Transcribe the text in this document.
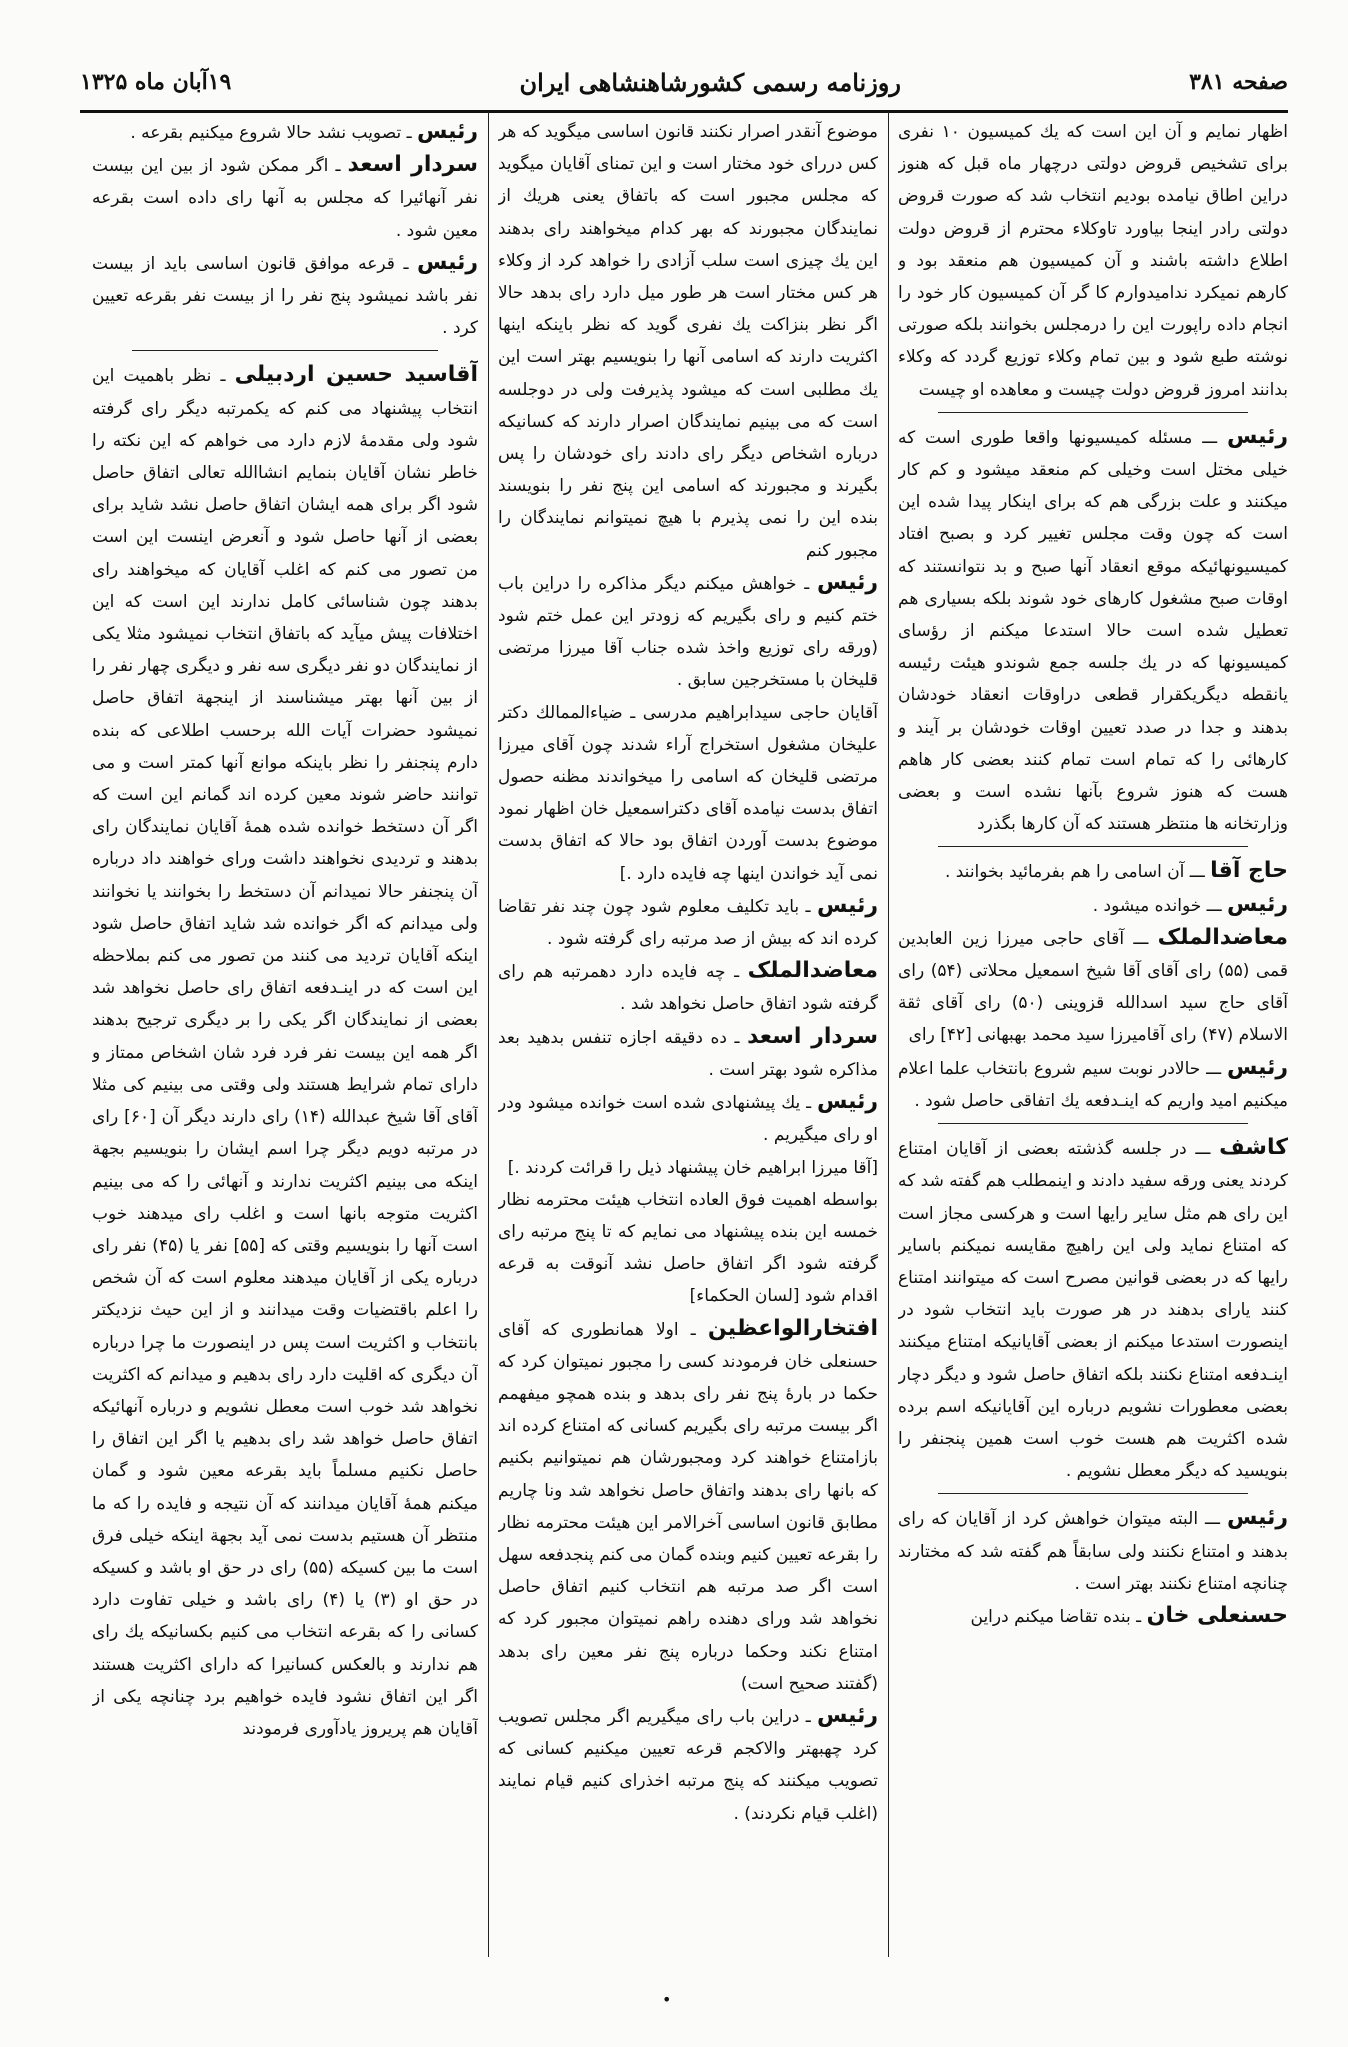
صفحه ۳۸۱
روزنامه رسمی کشورشاهنشاهی ایران
۱۹آبان ماه ۱۳۲۵

اظهار نمایم و آن این است که یك کمیسیون ۱۰ نفری برای تشخیص قروض دولتی درچهار ماه قبل که هنوز دراین اطاق نیامده بودیم انتخاب شد که صورت قروض دولتی رادر اینجا بیاورد تاوکلاء محترم از قروض دولت اطلاع داشته باشند و آن کمیسیون هم منعقد بود و کارهم نمیکرد ندامیدوارم کا گر آن کمیسیون کار خود را انجام داده راپورت این را درمجلس بخوانند بلکه صورتی نوشته طبع شود و بین تمام وکلاء توزیع گردد که وکلاء بدانند امروز قروض دولت چیست و معاهده او چیست

رئیس ـــ مسئله کمیسیونها واقعا طوری است که خیلی مختل است وخیلی کم منعقد میشود و کم کار میکنند و علت بزرگی هم که برای اینکار پیدا شده این است که چون وقت مجلس تغییر کرد و بصبح افتاد کمیسیونهائیکه موقع انعقاد آنها صبح و بد نتوانستند که اوقات صبح مشغول کارهای خود شوند بلکه بسیاری هم تعطیل شده است حالا استدعا میکنم از رؤسای کمیسیونها که در یك جلسه جمع شوندو هیئت رئیسه یانقطه دیگریکقرار قطعی دراوقات انعقاد خودشان بدهند و جدا در صدد تعیین اوقات خودشان بر آیند و کارهائی را که تمام است تمام کنند بعضی کار هاهم هست که هنوز شروع بآنها نشده است و بعضی وزارتخانه ها منتظر هستند که آن کارها بگذرد

حاج آقا ـــ آن اسامی را هم بفرمائید بخوانند .

رئیس ـــ خوانده میشود .

معاضدالملک ـــ آقای حاجی میرزا زین العابدین قمی (۵۵) رای آقای آقا شیخ اسمعیل محلاتی (۵۴) رای آقای حاج سید اسدالله قزوینی (۵۰) رای آقای ثقة الاسلام (۴۷) رای آقامیرزا سید محمد بهبهانی [۴۲] رای

رئیس ـــ حالادر نوبت سیم شروع بانتخاب علما اعلام میکنیم امید واریم که اینـدفعه یك اتفاقی حاصل شود .

کاشف ـــ در جلسه گذشته بعضی از آقایان امتناع کردند یعنی ورقه سفید دادند و اینمطلب هم گفته شد که این رای هم مثل سایر رایها است و هرکسی مجاز است که امتناع نماید ولی این راهیچ مقایسه نمیکنم باسایر رایها که در بعضی قوانین مصرح است که میتوانند امتناع کنند یارای بدهند در هر صورت باید انتخاب شود در اینصورت استدعا میکنم از بعضی آقایانیکه امتناع میکنند اینـدفعه امتناع نکنند بلکه اتفاق حاصل شود و دیگر دچار بعضی معطورات نشویم درباره این آقایانیکه اسم برده شده اکثریت هم هست خوب است همین پنجنفر را بنویسید که دیگر معطل نشویم .

رئیس ـــ البته میتوان خواهش کرد از آقایان که رای بدهند و امتناع نکنند ولی سابقاً هم گفته شد که مختارند چنانچه امتناع نکنند بهتر است .

حسنعلی خان ـ بنده تقاضا میکنم دراین

موضوع آنقدر اصرار نکنند قانون اساسی میگوید که هر کس دررای خود مختار است و این تمنای آقایان میگوید که مجلس مجبور است که باتفاق یعنی هریك از نمایندگان مجبورند که بهر کدام میخواهند رای بدهند این یك چیزی است سلب آزادی را خواهد کرد از وکلاء هر کس مختار است هر طور میل دارد رای بدهد حالا اگر نظر بنزاکت یك نفری گوید که نظر باینکه اینها اکثریت دارند که اسامی آنها را بنویسیم بهتر است این یك مطلبی است که میشود پذیرفت ولی در دوجلسه است که می بینیم نمایندگان اصرار دارند که کسانیکه درباره اشخاص دیگر رای دادند رای خودشان را پس بگیرند و مجبورند که اسامی این پنج نفر را بنویسند بنده این را نمی پذیرم با هیچ نمیتوانم نمایندگان را مجبور کنم

رئیس ـ خواهش میکنم دیگر مذاکره را دراین باب ختم کنیم و رای بگیریم که زودتر این عمل ختم شود (ورقه رای توزیع واخذ شده جناب آقا میرزا مرتضی قلیخان با مستخرجین سابق .

آقایان حاجی سیدابراهیم مدرسی ـ ضیاءالممالك دکتر علیخان مشغول استخراج آراء شدند چون آقای میرزا مرتضی قلیخان که اسامی را میخواندند مظنه حصول اتفاق بدست نیامده آقای دکتراسمعیل خان اظهار نمود موضوع بدست آوردن اتفاق بود حالا که اتفاق بدست نمی آید خواندن اینها چه فایده دارد .]

رئیس ـ باید تکلیف معلوم شود چون چند نفر تقاضا کرده اند که بیش از صد مرتبه رای گرفته شود .

معاضدالملک ـ چه فایده دارد دهمرتبه هم رای گرفته شود اتفاق حاصل نخواهد شد .

سردار اسعد ـ ده دقیقه اجازه تنفس بدهید بعد مذاکره شود بهتر است .

رئیس ـ یك پیشنهادی شده است خوانده میشود ودر او رای میگیریم .

[آقا میرزا ابراهیم خان پیشنهاد ذیل را قرائت کردند .]

بواسطه اهمیت فوق العاده انتخاب هیئت محترمه نظار خمسه این بنده پیشنهاد می نمایم که تا پنج مرتبه رای گرفته شود اگر اتفاق حاصل نشد آنوقت به قرعه اقدام شود [لسان الحکماء]

افتخارالواعظین ـ اولا همانطوری که آقای حسنعلی خان فرمودند کسی را مجبور نمیتوان کرد که حکما در بارهٔ پنج نفر رای بدهد و بنده همچو میفهمم اگر بیست مرتبه رای بگیریم کسانی که امتناع کرده اند بازامتناع خواهند کرد ومجبورشان هم نمیتوانیم بکنیم که بانها رای بدهند واتفاق حاصل نخواهد شد ونا چاریم مطابق قانون اساسی آخرالامر این هیئت محترمه نظار را بقرعه تعیین کنیم وبنده گمان می کنم پنجدفعه سهل است اگر صد مرتبه هم انتخاب کنیم اتفاق حاصل نخواهد شد ورای دهنده راهم نمیتوان مجبور کرد که امتناع نکند وحکما درباره پنج نفر معین رای بدهد (گفتند صحیح است)

رئیس ـ دراین باب رای میگیریم اگر مجلس تصویب کرد چهبهتر والاکجم قرعه تعیین میکنیم کسانی که تصویب میکنند که پنج مرتبه اخذرای کنیم قیام نمایند (اغلب قیام نکردند) .

رئیس ـ تصویب نشد حالا شروع میکنیم بقرعه .

سردار اسعد ـ اگر ممکن شود از بین این بیست نفر آنهائیرا که مجلس به آنها رای داده است بقرعه معین شود .

رئیس ـ قرعه موافق قانون اساسی باید از بیست نفر باشد نمیشود پنج نفر را از بیست نفر بقرعه تعیین کرد .

آقاسید حسین اردبیلی ـ نظر باهمیت این انتخاب پیشنهاد می کنم که یکمرتبه دیگر رای گرفته شود ولی مقدمهٔ لازم دارد می خواهم که این نکته را خاطر نشان آقایان بنمایم انشاالله تعالی اتفاق حاصل شود اگر برای همه ایشان اتفاق حاصل نشد شاید برای بعضی از آنها حاصل شود و آنعرض اینست این است من تصور می کنم که اغلب آقایان که میخواهند رای بدهند چون شناسائی کامل ندارند این است که این اختلافات پیش میآید که باتفاق انتخاب نمیشود مثلا یکی از نمایندگان دو نفر دیگری سه نفر و دیگری چهار نفر را از بین آنها بهتر میشناسند از اینجهة اتفاق حاصل نمیشود حضرات آیات الله برحسب اطلاعی که بنده دارم پنجنفر را نظر باینکه موانع آنها کمتر است و می توانند حاضر شوند معین کرده اند گمانم این است که اگر آن دستخط خوانده شده همهٔ آقایان نمایندگان رای بدهند و تردیدی نخواهند داشت ورای خواهند داد درباره آن پنجنفر حالا نمیدانم آن دستخط را بخوانند یا نخوانند ولی میدانم که اگر خوانده شد شاید اتفاق حاصل شود اینکه آقایان تردید می کنند من تصور می کنم بملاحظه این است که در اینـدفعه اتفاق رای حاصل نخواهد شد بعضی از نمایندگان اگر یکی را بر دیگری ترجیح بدهند اگر همه این بیست نفر فرد فرد شان اشخاص ممتاز و دارای تمام شرایط هستند ولی وقتی می بینیم کی مثلا آقای آقا شیخ عبدالله (۱۴) رای دارند دیگر آن [۶۰] رای در مرتبه دویم دیگر چرا اسم ایشان را بنویسیم بجهة اینکه می بینیم اکثریت ندارند و آنهائی را که می بینیم اکثریت متوجه بانها است و اغلب رای میدهند خوب است آنها را بنویسیم وقتی که [۵۵] نفر یا (۴۵) نفر رای درباره یکی از آقایان میدهند معلوم است که آن شخص را اعلم باقتضیات وقت میدانند و از این حیث نزدیکتر بانتخاب و اکثریت است پس در اینصورت ما چرا درباره آن دیگری که اقلیت دارد رای بدهیم و میدانم که اکثریت نخواهد شد خوب است معطل نشویم و درباره آنهائیکه اتفاق حاصل خواهد شد رای بدهیم یا اگر این اتفاق را حاصل نکنیم مسلماً باید بقرعه معین شود و گمان میکنم همهٔ آقایان میدانند که آن نتیجه و فایده را که ما منتظر آن هستیم بدست نمی آید بجهة اینکه خیلی فرق است ما بین کسیکه (۵۵) رای در حق او باشد و کسیکه در حق او (۳) یا (۴) رای باشد و خیلی تفاوت دارد کسانی را که بقرعه انتخاب می کنیم بکسانیکه یك رای هم ندارند و بالعکس کسانیرا که دارای اکثریت هستند اگر این اتفاق نشود فایده خواهیم برد چنانچه یکی از آقایان هم پریروز یادآوری فرمودند

•
